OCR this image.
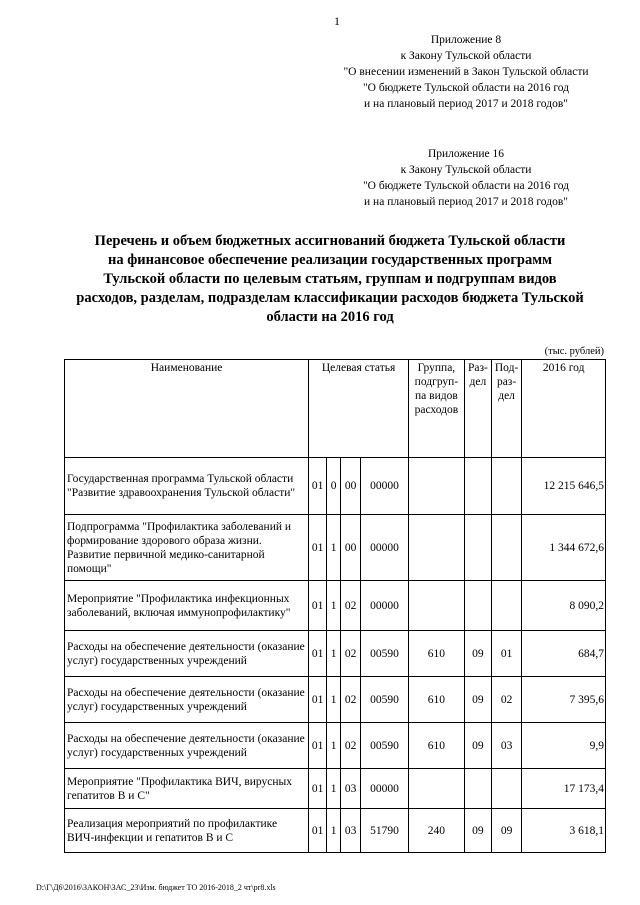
1
Приложение 8
к Закону Тульской области
"О внесении изменений в Закон Тульской области
"О бюджете Тульской области на 2016 год
и на плановый период 2017 и 2018 годов"
Приложение 16
к Закону Тульской области
"О бюджете Тульской области на 2016 год
и на плановый период 2017 и 2018 годов"
Перечень и объем бюджетных ассигнований бюджета Тульской области
на финансовое обеспечение реализации государственных программ
Тульской области по целевым статьям, группам и подгруппам видов
расходов, разделам, подразделам классификации расходов бюджета Тульской
области на 2016 год
(тыс. рублей)
Наименование	Целевая статья				Группа, подгруп-па видов расходов	Раз-дел	Под-раз-дел	2016 год
Государственная программа Тульской области "Развитие здравоохранения Тульской области"	01	0	00	00000				12 215 646,5
Подпрограмма "Профилактика заболеваний и формирование здорового образа жизни. Развитие первичной медико-санитарной помощи"	01	1	00	00000				1 344 672,6
Мероприятие "Профилактика инфекционных заболеваний, включая иммунопрофилактику"	01	1	02	00000				8 090,2
Расходы на обеспечение деятельности (оказание услуг) государственных учреждений	01	1	02	00590	610	09	01	684,7
Расходы на обеспечение деятельности (оказание услуг) государственных учреждений	01	1	02	00590	610	09	02	7 395,6
Расходы на обеспечение деятельности (оказание услуг) государственных учреждений	01	1	02	00590	610	09	03	9,9
Мероприятие "Профилактика ВИЧ, вирусных гепатитов В и С"	01	1	03	00000				17 173,4
Реализация мероприятий по профилактике ВИЧ-инфекции и гепатитов В и С	01	1	03	51790	240	09	09	3 618,1
D:\Г\Д6\2016\ЗАКОН\ЗАС_23\Изм. бюджет ТО 2016-2018_2 чт\pr8.xls
